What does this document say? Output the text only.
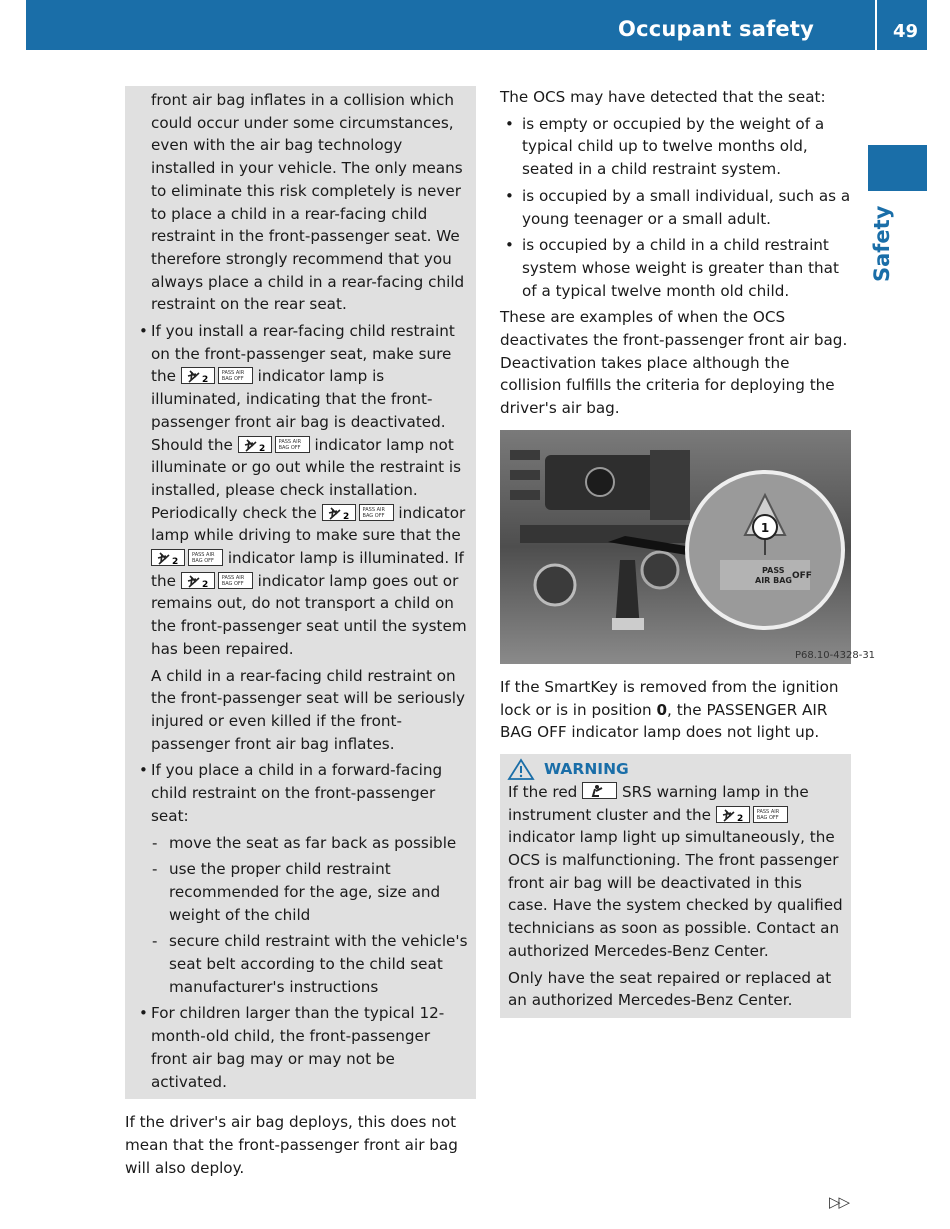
Occupant safety	49
Safety

front air bag inflates in a collision which could occur under some circumstances, even with the air bag technology installed in your vehicle. The only means to eliminate this risk completely is never to place a child in a rear-facing child restraint in the front-passenger seat. We therefore strongly recommend that you always place a child in a rear-facing child restraint on the rear seat.

• If you install a rear-facing child restraint on the front-passenger seat, make sure the	2
PASS AIR BAG OFF indicator lamp is illuminated, indicating that the front-passenger front air bag is deactivated. Should the	2
PASS AIR BAG OFF indicator lamp not illuminate or go out while the restraint is installed, please check installation. Periodically check the	2
PASS AIR BAG OFF indicator lamp while driving to make sure that the
2
PASS AIR BAG OFF indicator lamp is illuminated. If the	2
PASS AIR BAG OFF indicator lamp goes out or remains out, do not transport a child on the front-passenger seat until the system has been repaired.

A child in a rear-facing child restraint on the front-passenger seat will be seriously injured or even killed if the front-passenger front air bag inflates.

• If you place a child in a forward-facing child restraint on the front-passenger seat:

- move the seat as far back as possible

- use the proper child restraint recommended for the age, size and weight of the child

- secure child restraint with the vehicle's seat belt according to the child seat manufacturer's instructions

• For children larger than the typical 12-month-old child, the front-passenger front air bag may or may not be activated.

If the driver's air bag deploys, this does not mean that the front-passenger front air bag will also deploy.

The OCS may have detected that the seat:

• is empty or occupied by the weight of a typical child up to twelve months old, seated in a child restraint system.

• is occupied by a small individual, such as a young teenager or a small adult.

• is occupied by a child in a child restraint system whose weight is greater than that of a typical twelve month old child.

These are examples of when the OCS deactivates the front-passenger front air bag. Deactivation takes place although the collision fulfills the criteria for deploying the driver's air bag.

1
PASS
AIR BAG OFF
P68.10-4328-31

If the SmartKey is removed from the ignition lock or is in position 0, the PASSENGER AIR BAG OFF indicator lamp does not light up.

WARNING

If the red	SRS warning lamp in the instrument cluster and the	2
PASS AIR BAG OFF
indicator lamp light up simultaneously, the OCS is malfunctioning. The front passenger front air bag will be deactivated in this case. Have the system checked by qualified technicians as soon as possible. Contact an authorized Mercedes-Benz Center.

Only have the seat repaired or replaced at an authorized Mercedes-Benz Center.

▷▷
